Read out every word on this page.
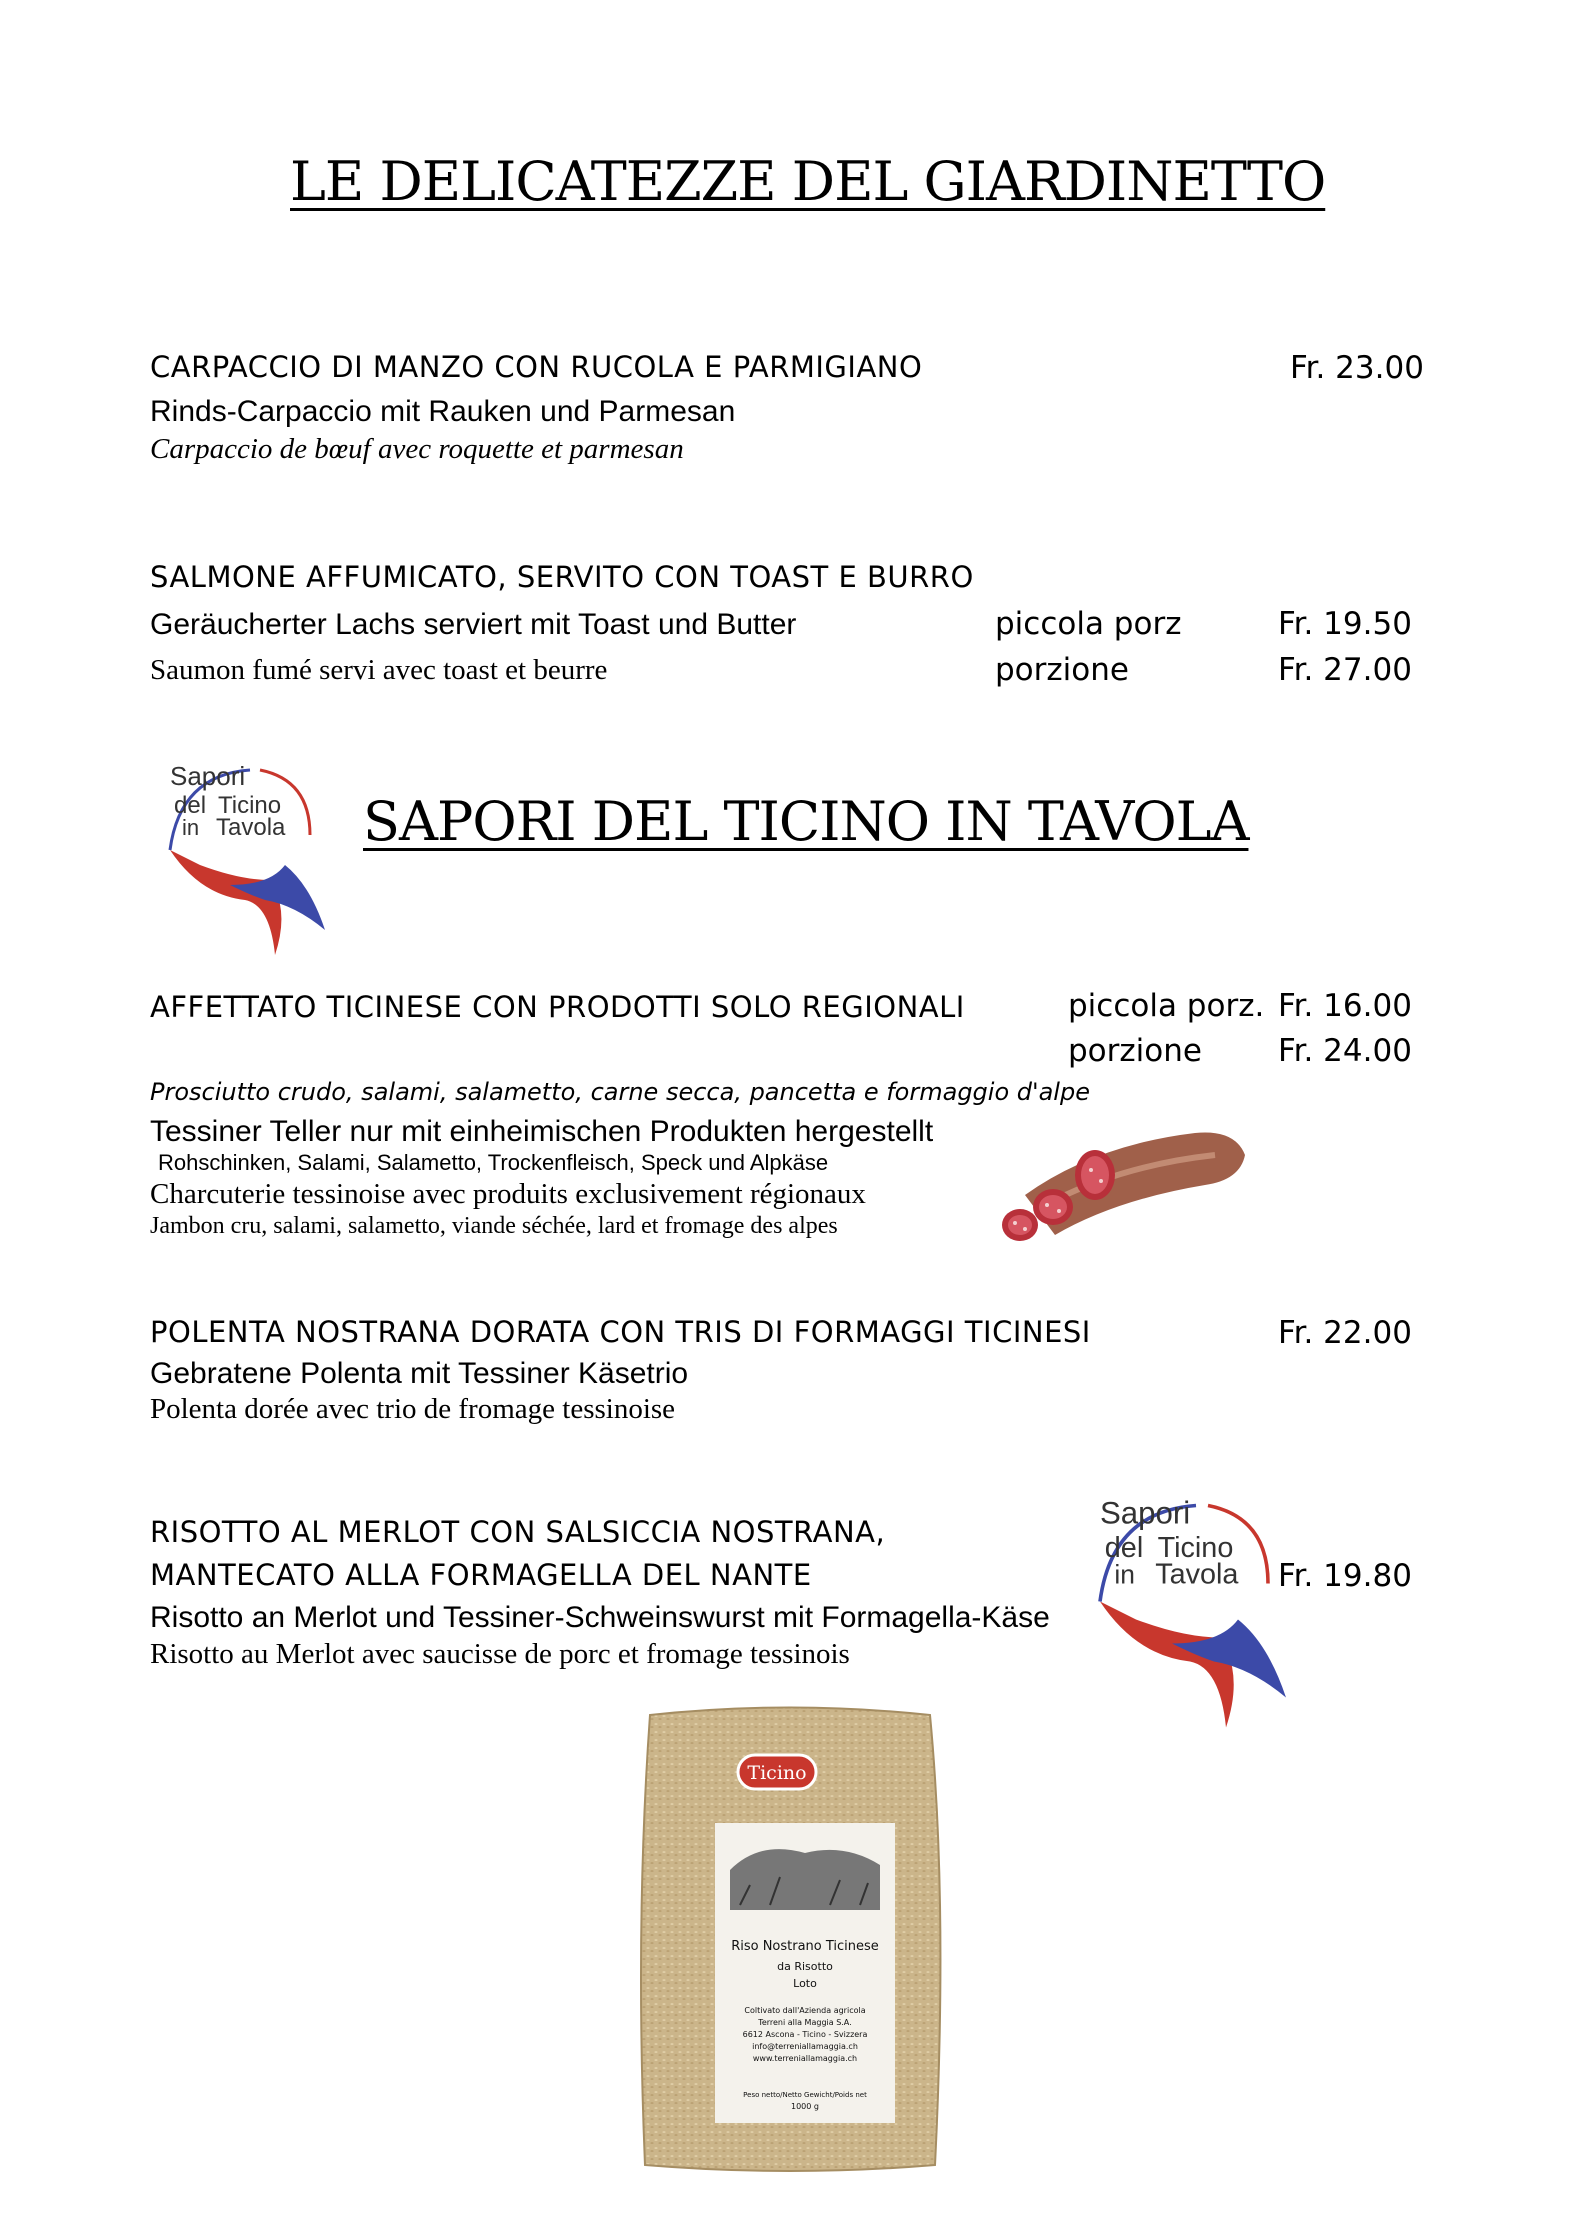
LE DELICATEZZE DEL GIARDINETTO
CARPACCIO DI MANZO CON RUCOLA E PARMIGIANO	Fr. 23.00
Rinds-Carpaccio mit Rauken und Parmesan
Carpaccio de bœuf avec roquette et parmesan
SALMONE AFFUMICATO, SERVITO CON TOAST E BURRO
Geräucherter Lachs serviert mit Toast und Butter	piccola porz	Fr. 19.50
Saumon fumé servi avec toast et beurre	porzione	Fr. 27.00
Sapori
del Ticino
in Tavola SAPORI DEL TICINO IN TAVOLA
AFFETTATO TICINESE CON PRODOTTI SOLO REGIONALI	piccola porz. Fr. 16.00
porzione Fr. 24.00
Prosciutto crudo, salami, salametto, carne secca, pancetta e formaggio d'alpe
Tessiner Teller nur mit einheimischen Produkten hergestellt
Rohschinken, Salami, Salametto, Trockenfleisch, Speck und Alpkäse
Charcuterie tessinoise avec produits exclusivement régionaux
Jambon cru, salami, salametto, viande séchée, lard et fromage des alpes
POLENTA NOSTRANA DORATA CON TRIS DI FORMAGGI TICINESI	Fr. 22.00
Gebratene Polenta mit Tessiner Käsetrio
Polenta dorée avec trio de fromage tessinoise
RISOTTO AL MERLOT CON SALSICCIA NOSTRANA,
MANTECATO ALLA FORMAGELLA DEL NANTE	Fr. 19.80
Risotto an Merlot und Tessiner-Schweinswurst mit Formagella-Käse
Risotto au Merlot avec saucisse de porc et fromage tessinois
Sapori
del Ticino
in Tavola
Ticino
Riso Nostrano Ticinese
da Risotto
Loto
Coltivato dall'Azienda agricola
Terreni alla Maggia S.A.
6612 Ascona - Ticino - Svizzera
info@terreniallamaggia.ch
www.terreniallamaggia.ch
Peso netto/Netto Gewicht/Poids net
1000 g
